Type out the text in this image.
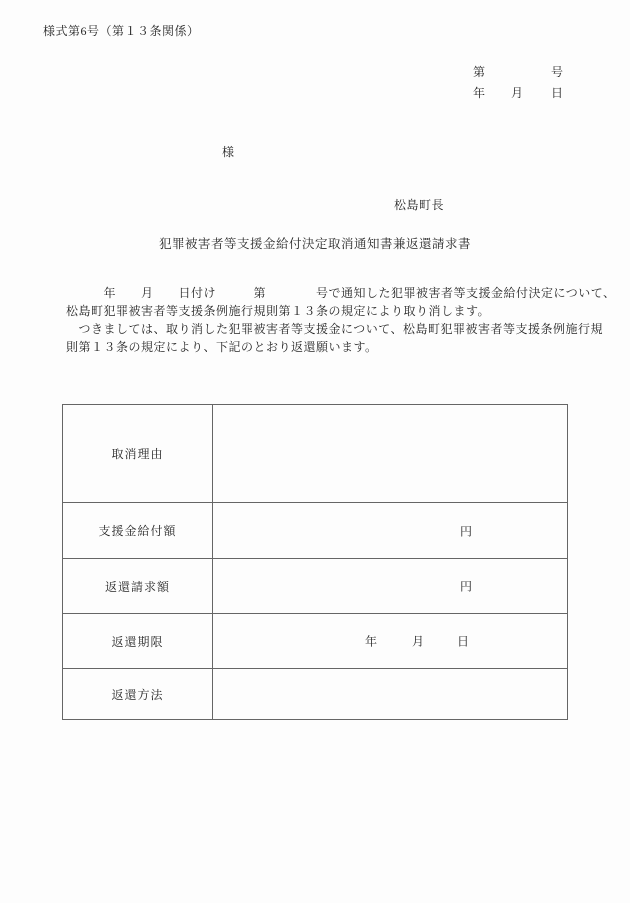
様式第6号（第１３条関係）
第	号
年 月 日
様
松島町長
犯罪被害者等支援金給付決定取消通知書兼返還請求書
　　　年　　月　　日付け　　　第　　　　号で通知した犯罪被害者等支援金給付決定について、
松島町犯罪被害者等支援条例施行規則第１３条の規定により取り消します。
　つきましては、取り消した犯罪被害者等支援金について、松島町犯罪被害者等支援条例施行規
則第１３条の規定により、下記のとおり返還願います。
取消理由
支援金給付額	円
返還請求額	円
返還期限	年	月	日
返還方法
